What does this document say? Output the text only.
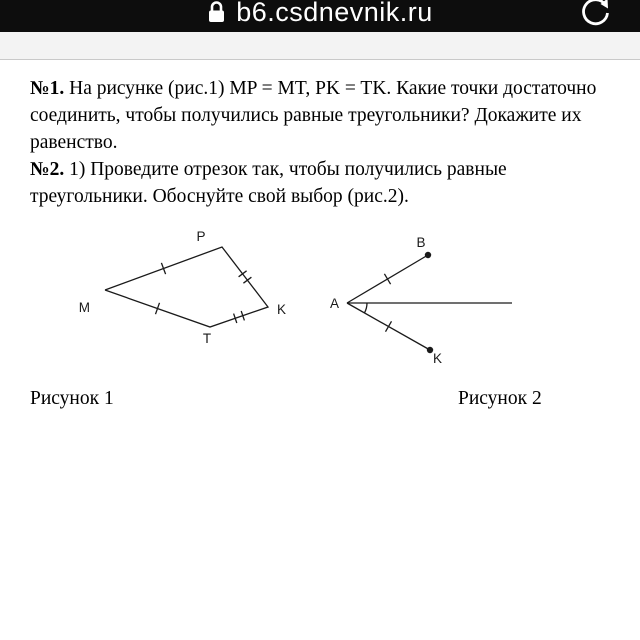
b6.csdnevnik.ru

№1. На рисунке (рис.1) MP = MT, PK = TK. Какие точки достаточно соединить, чтобы получились равные треугольники? Докажите их равенство.

№2. 1) Проведите отрезок так, чтобы получились равные треугольники. Обоснуйте свой выбор (рис.2).

P
M	K
T
B
A
K
Рисунок 1	Рисунок 2
